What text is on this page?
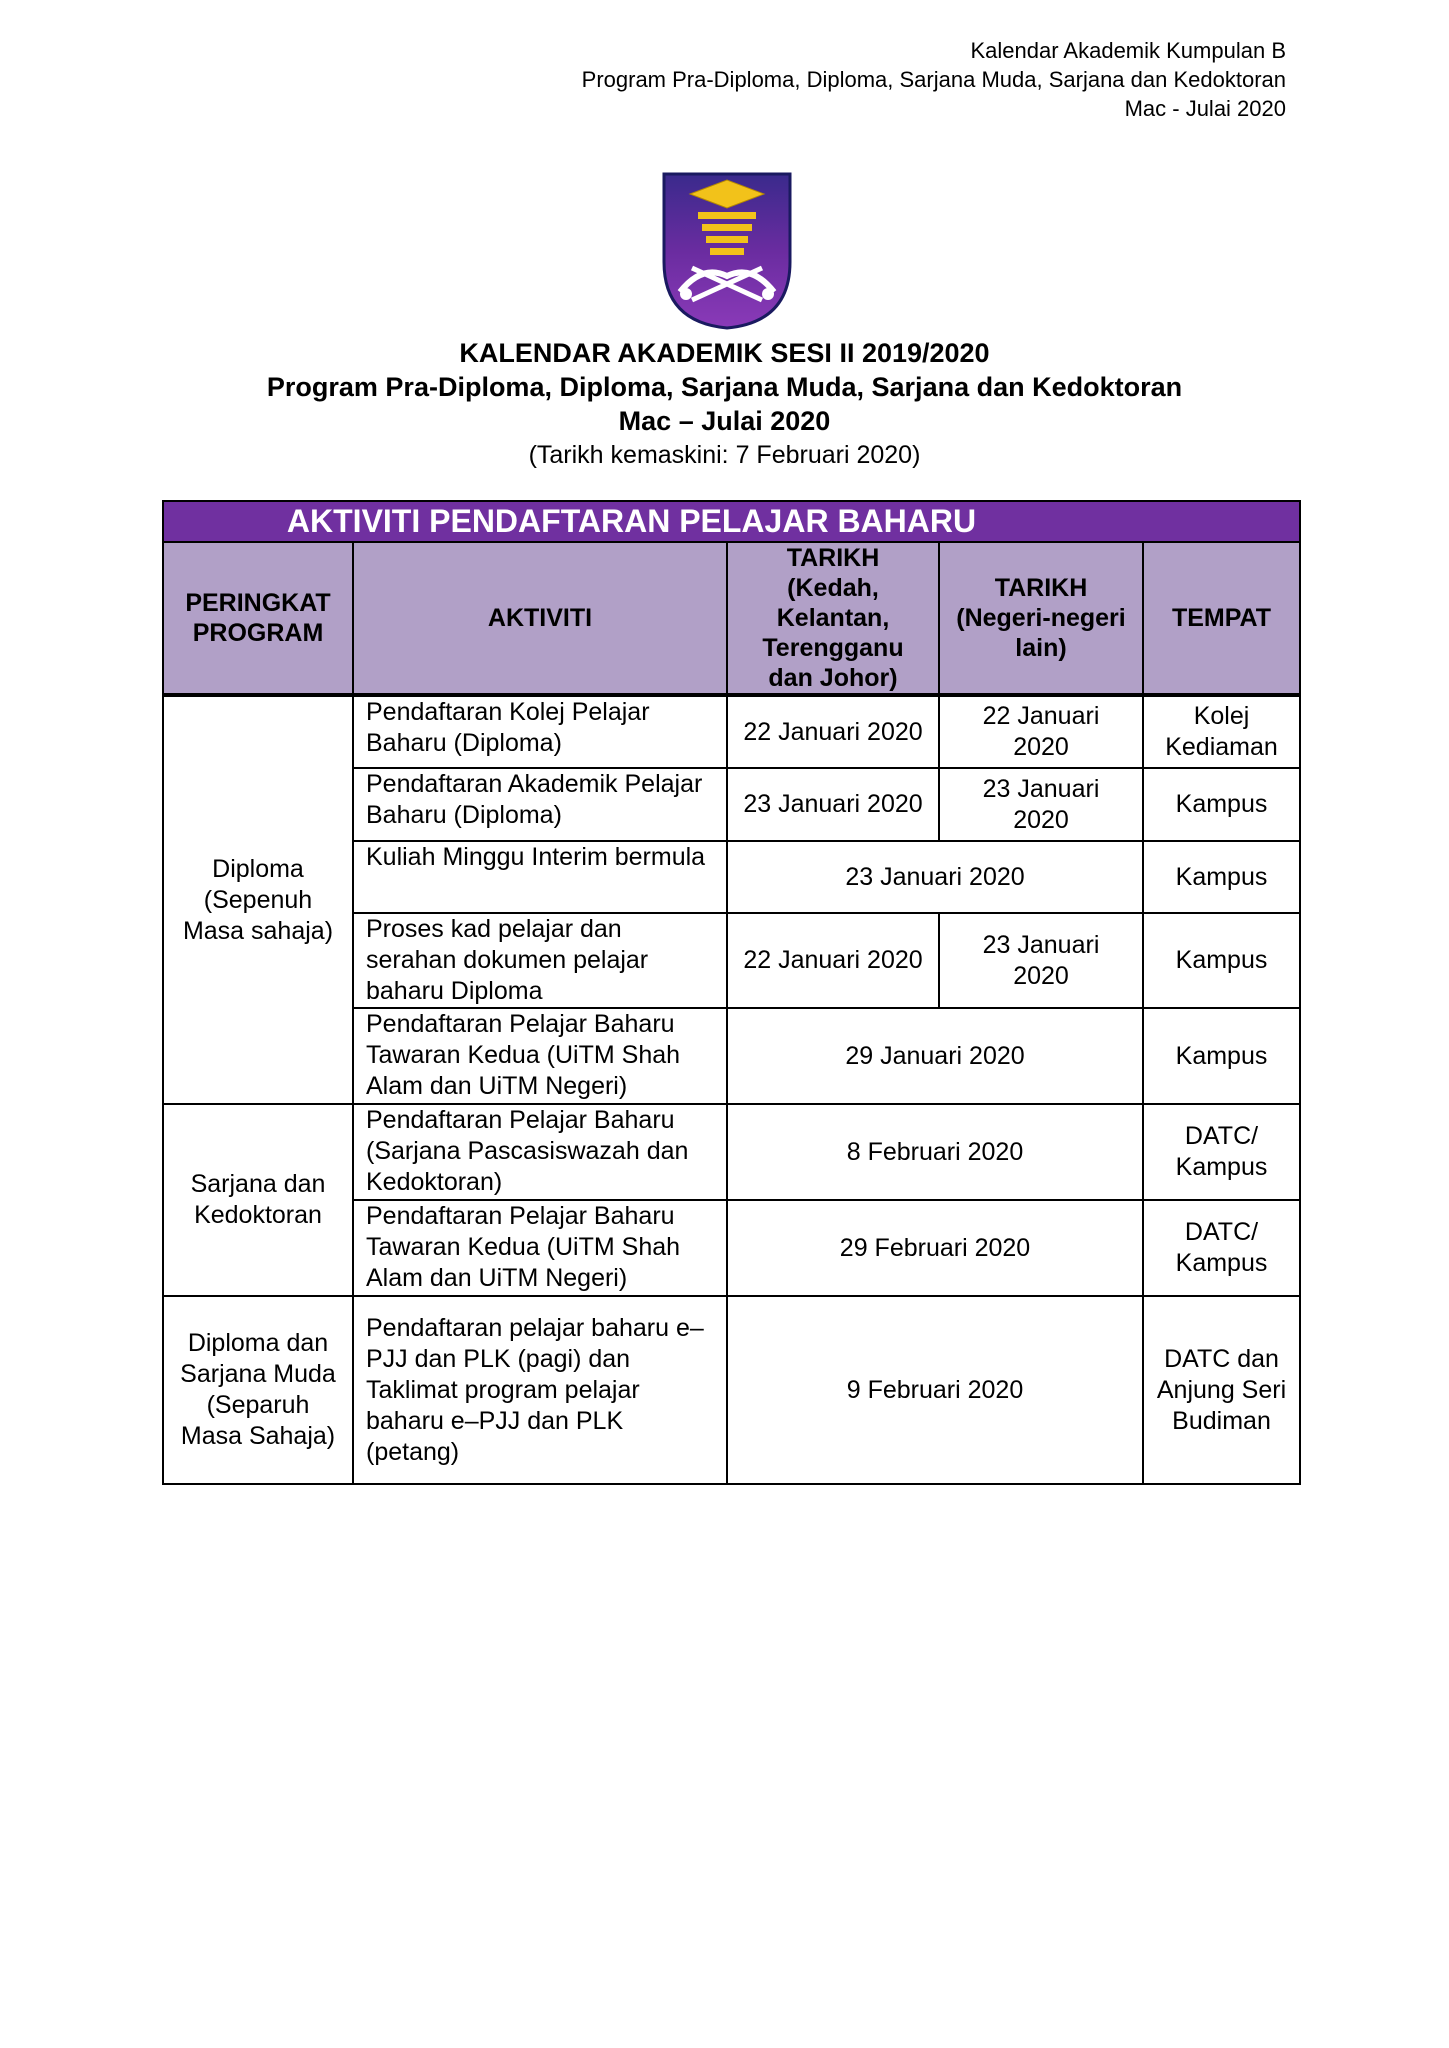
Kalendar Akademik Kumpulan B
Program Pra-Diploma, Diploma, Sarjana Muda, Sarjana dan Kedoktoran
Mac - Julai 2020
KALENDAR AKADEMIK SESI II 2019/2020
Program Pra-Diploma, Diploma, Sarjana Muda, Sarjana dan Kedoktoran
Mac – Julai 2020
(Tarikh kemaskini: 7 Februari 2020)
AKTIVITI PENDAFTARAN PELAJAR BAHARU				
PERINGKAT PROGRAM	AKTIVITI	TARIKH (Kedah, Kelantan, Terengganu dan Johor)	TARIKH (Negeri-negeri lain)	TEMPAT
Diploma (Sepenuh Masa sahaja)	Pendaftaran Kolej Pelajar Baharu (Diploma)	22 Januari 2020	22 Januari 2020	Kolej Kediaman
	Pendaftaran Akademik Pelajar Baharu (Diploma)	23 Januari 2020	23 Januari 2020	Kampus
	Kuliah Minggu Interim bermula	23 Januari 2020		Kampus
	Proses kad pelajar dan serahan dokumen pelajar baharu Diploma	22 Januari 2020	23 Januari 2020	Kampus
	Pendaftaran Pelajar Baharu Tawaran Kedua (UiTM Shah Alam dan UiTM Negeri)	29 Januari 2020		Kampus
Sarjana dan Kedoktoran	Pendaftaran Pelajar Baharu (Sarjana Pascasiswazah dan Kedoktoran)	8 Februari 2020		DATC/ Kampus
	Pendaftaran Pelajar Baharu Tawaran Kedua (UiTM Shah Alam dan UiTM Negeri)	29 Februari 2020		DATC/ Kampus
Diploma dan Sarjana Muda (Separuh Masa Sahaja)	Pendaftaran pelajar baharu e–PJJ dan PLK (pagi) dan Taklimat program pelajar baharu e–PJJ dan PLK (petang)	9 Februari 2020		DATC dan Anjung Seri Budiman
